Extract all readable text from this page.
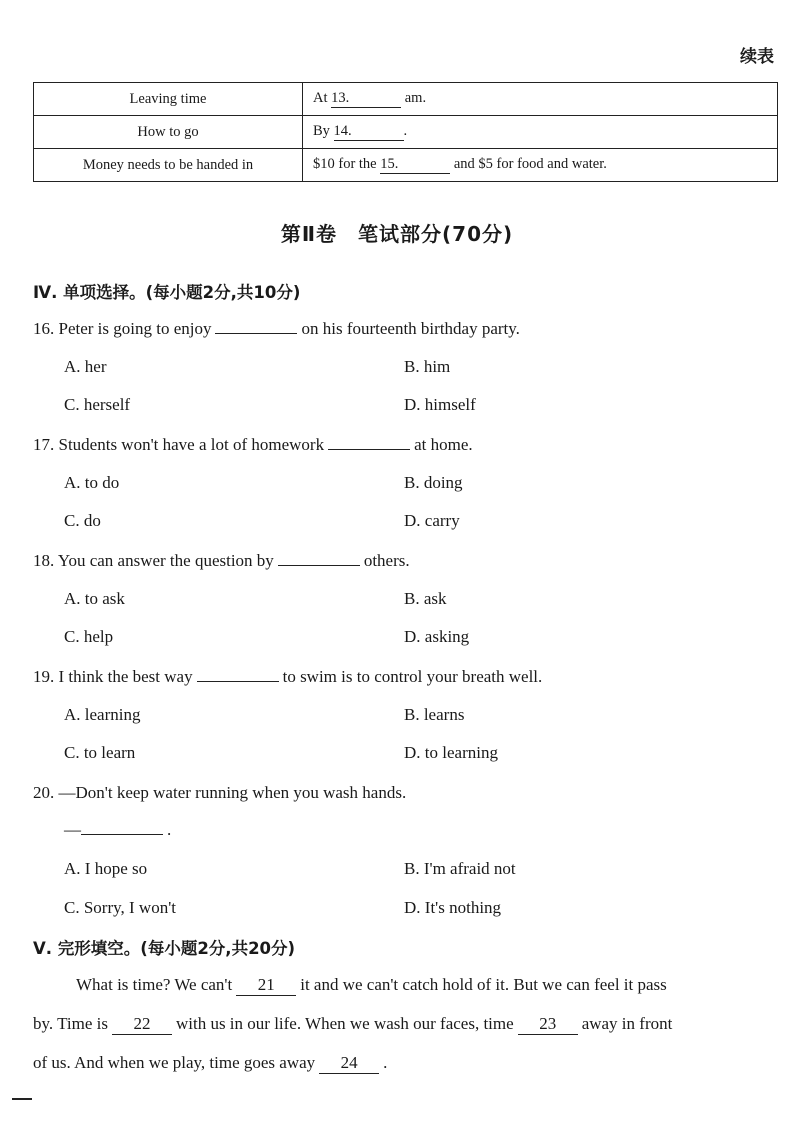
续表
Leaving time	At 13. am.
How to go	By 14. .
Money needs to be handed in	$10 for the 15. and $5 for food and water.
第Ⅱ卷　笔试部分(70分)
Ⅳ. 单项选择。(每小题2分,共10分)
16. Peter is going to enjoy	on his fourteenth birthday party.
A. her	B. him
C. herself	D. himself
17. Students won't have a lot of homework	at home.
A. to do	B. doing
C. do	D. carry
18. You can answer the question by	others.
A. to ask	B. ask
C. help	D. asking
19. I think the best way	to swim is to control your breath well.
A. learning	B. learns
C. to learn	D. to learning
20. —Don't keep water running when you wash hands.
—	.
A. I hope so	B. I'm afraid not
C. Sorry, I won't	D. It's nothing
Ⅴ. 完形填空。(每小题2分,共20分)
What is time? We can't 21 it and we can't catch hold of it. But we can feel it pass
by. Time is 22 with us in our life. When we wash our faces, time 23 away in front
of us. And when we play, time goes away 24 .
